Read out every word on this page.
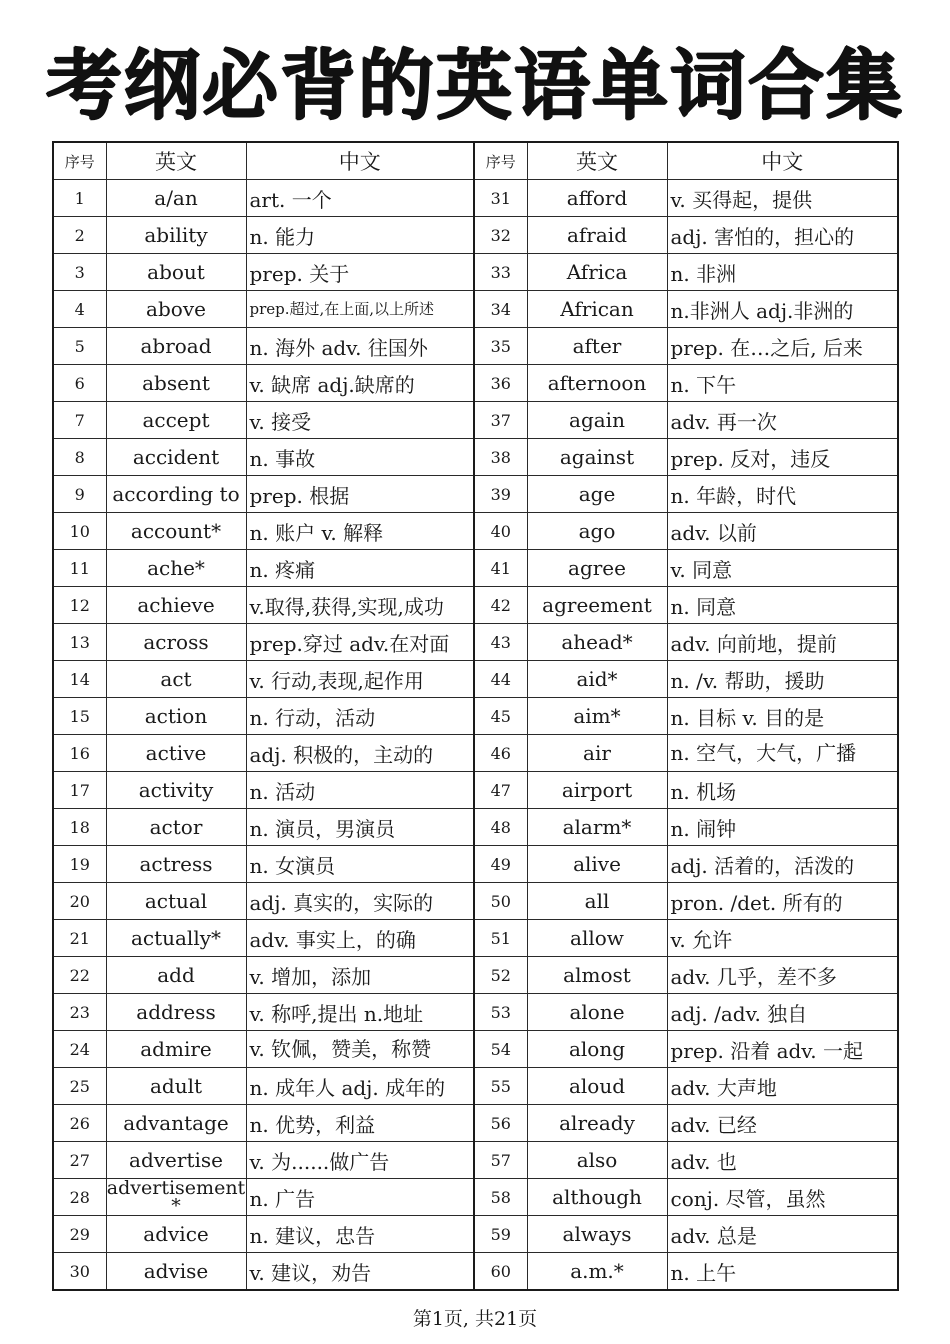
考纲必背的英语单词合集
序号	英文	中文	序号	英文	中文
1	a/an	art. 一个	31	afford	v. 买得起，提供
2	ability	n. 能力	32	afraid	adj. 害怕的，担心的
3	about	prep. 关于	33	Africa	n. 非洲
4	above	prep.超过,在上面,以上所述	34	African	n.非洲人 adj.非洲的
5	abroad	n. 海外 adv. 往国外	35	after	prep. 在…之后, 后来
6	absent	v. 缺席 adj.缺席的	36	afternoon	n. 下午
7	accept	v. 接受	37	again	adv. 再一次
8	accident	n. 事故	38	against	prep. 反对，违反
9	according to	prep. 根据	39	age	n. 年龄，时代
10	account*	n. 账户 v. 解释	40	ago	adv. 以前
11	ache*	n. 疼痛	41	agree	v. 同意
12	achieve	v.取得,获得,实现,成功	42	agreement	n. 同意
13	across	prep.穿过 adv.在对面	43	ahead*	adv. 向前地，提前
14	act	v. 行动,表现,起作用	44	aid*	n. /v. 帮助，援助
15	action	n. 行动，活动	45	aim*	n. 目标 v. 目的是
16	active	adj. 积极的，主动的	46	air	n. 空气，大气，广播
17	activity	n. 活动	47	airport	n. 机场
18	actor	n. 演员，男演员	48	alarm*	n. 闹钟
19	actress	n. 女演员	49	alive	adj. 活着的，活泼的
20	actual	adj. 真实的，实际的	50	all	pron. /det. 所有的
21	actually*	adv. 事实上，的确	51	allow	v. 允许
22	add	v. 增加，添加	52	almost	adv. 几乎，差不多
23	address	v. 称呼,提出 n.地址	53	alone	adj. /adv. 独自
24	admire	v. 钦佩，赞美，称赞	54	along	prep. 沿着 adv. 一起
25	adult	n. 成年人 adj. 成年的	55	aloud	adv. 大声地
26	advantage	n. 优势，利益	56	already	adv. 已经
27	advertise	v. 为......做广告	57	also	adv. 也
28	advertisement*	n. 广告	58	although	conj. 尽管，虽然
29	advice	n. 建议，忠告	59	always	adv. 总是
30	advise	v. 建议，劝告	60	a.m.*	n. 上午
第1页, 共21页
